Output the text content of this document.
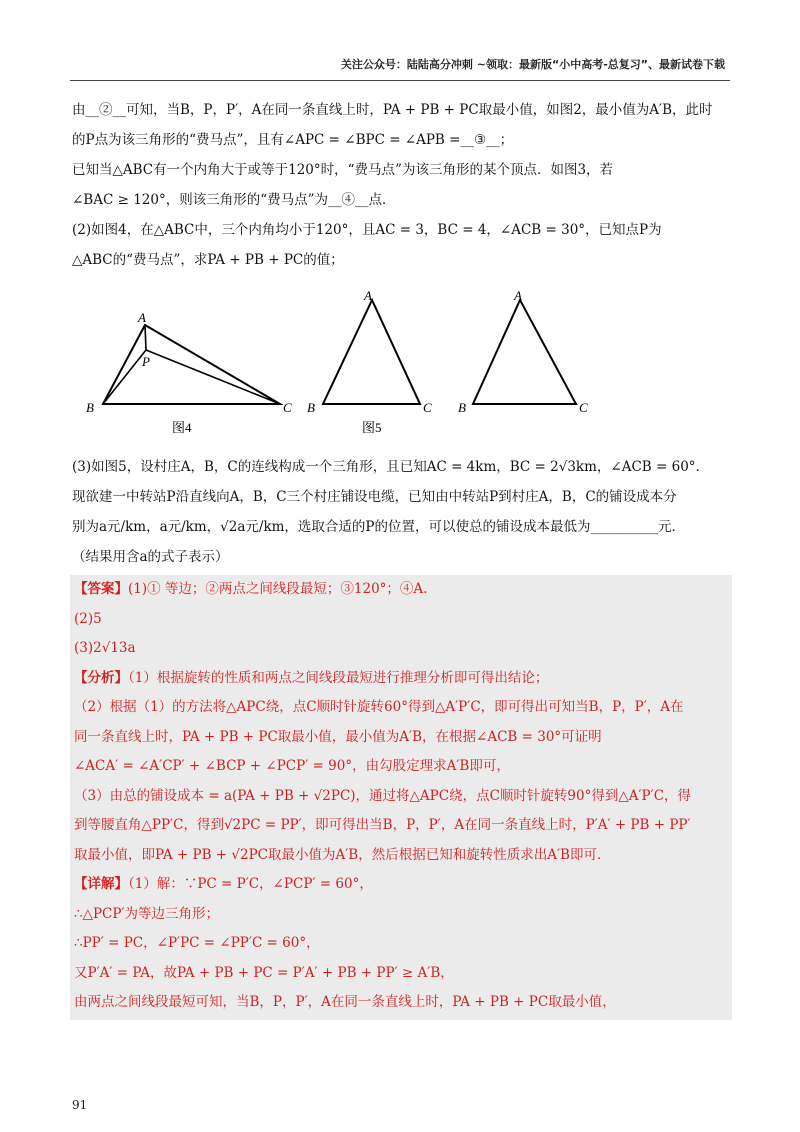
关注公众号：陆陆高分冲刺 ~领取：最新版“小中高考-总复习”、最新试卷下载
由__②__可知，当B，P，P′，A在同一条直线上时，PA + PB + PC取最小值，如图2，最小值为A′B，此时
的P点为该三角形的“费马点”，且有∠APC = ∠BPC = ∠APB =__③__；
已知当△ABC有一个内角大于或等于120°时，“费马点”为该三角形的某个顶点．如图3，若
∠BAC ≥ 120°，则该三角形的“费马点”为__④__点．
(2)如图4，在△ABC中，三个内角均小于120°，且AC = 3，BC = 4，∠ACB = 30°，已知点P为
△ABC的“费马点”，求PA + PB + PC的值；
A
P
B	C
图4
A
B	C
图5
A
B	C
(3)如图5，设村庄A，B，C的连线构成一个三角形，且已知AC = 4km，BC = 2√3km，∠ACB = 60°．
现欲建一中转站P沿直线向A，B，C三个村庄铺设电缆，已知由中转站P到村庄A，B，C的铺设成本分
别为a元/km，a元/km，√2a元/km，选取合适的P的位置，可以使总的铺设成本最低为__________元．
（结果用含a的式子表示）
【答案】(1)① 等边；②两点之间线段最短；③120°；④A.
(2)5
(3)2√13a
【分析】（1）根据旋转的性质和两点之间线段最短进行推理分析即可得出结论；
（2）根据（1）的方法将△APC绕，点C顺时针旋转60°得到△A′P′C，即可得出可知当B，P，P′，A在
同一条直线上时，PA + PB + PC取最小值，最小值为A′B，在根据∠ACB = 30°可证明
∠ACA′ = ∠A′CP′ + ∠BCP + ∠PCP′ = 90°，由勾股定理求A′B即可，
（3）由总的铺设成本 = a(PA + PB + √2PC)，通过将△APC绕，点C顺时针旋转90°得到△A′P′C，得
到等腰直角△PP′C，得到√2PC = PP′，即可得出当B，P，P′，A在同一条直线上时，P′A′ + PB + PP′
取最小值，即PA + PB + √2PC取最小值为A′B，然后根据已知和旋转性质求出A′B即可．
【详解】（1）解：∵PC = P′C，∠PCP′ = 60°，
∴△PCP′为等边三角形；
∴PP′ = PC，∠P′PC = ∠PP′C = 60°，
又P′A′ = PA，故PA + PB + PC = P′A′ + PB + PP′ ≥ A′B，
由两点之间线段最短可知，当B，P，P′，A在同一条直线上时，PA + PB + PC取最小值，
91
